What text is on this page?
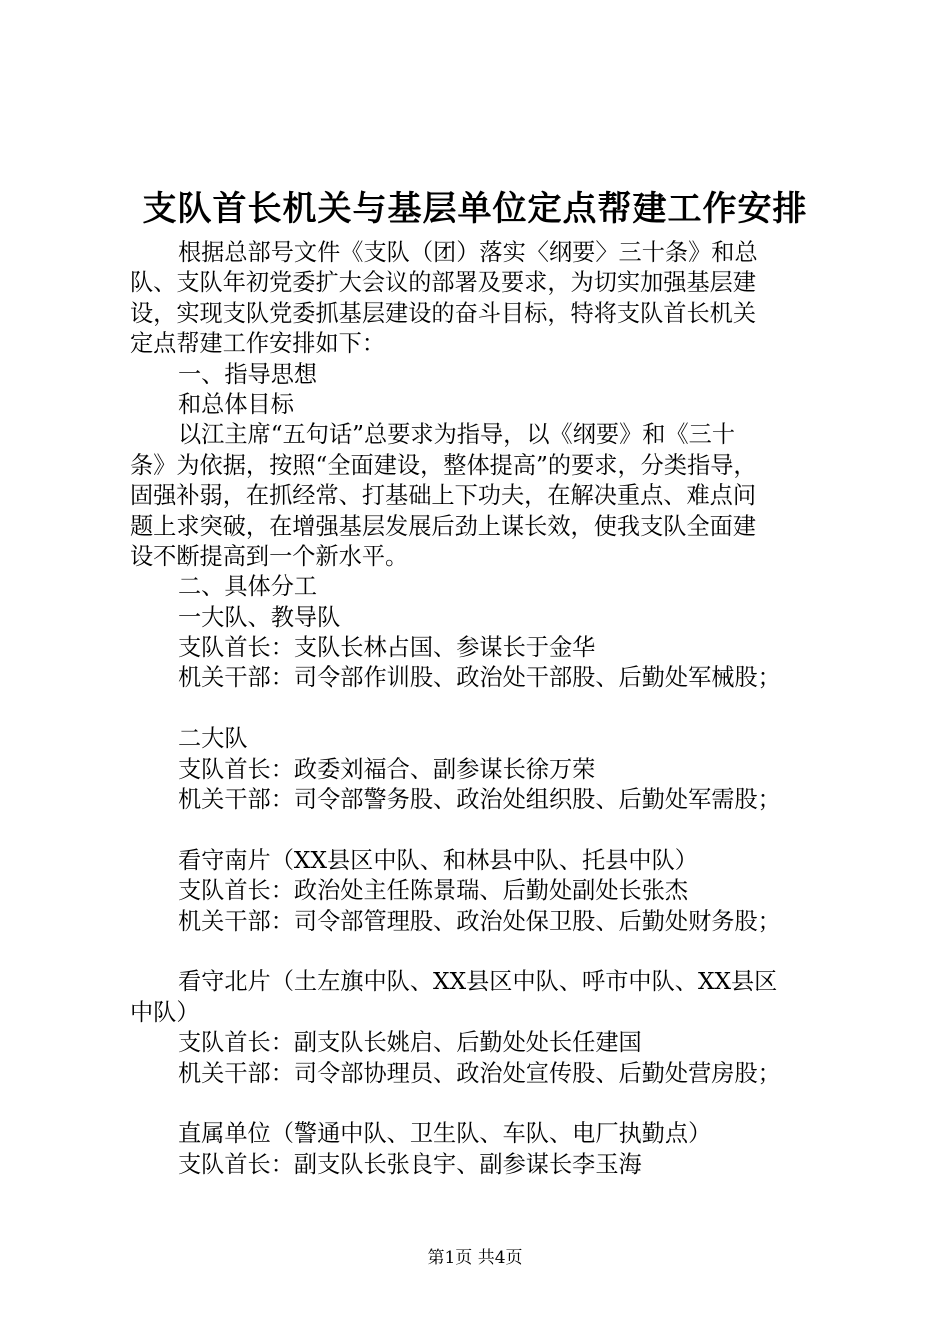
支队首长机关与基层单位定点帮建工作安排
根据总部号文件《支队（团）落实〈纲要〉三十条》和总
队、支队年初党委扩大会议的部署及要求，为切实加强基层建
设，实现支队党委抓基层建设的奋斗目标，特将支队首长机关
定点帮建工作安排如下：
一、指导思想
和总体目标
以江主席“五句话”总要求为指导，以《纲要》和《三十
条》为依据，按照“全面建设，整体提高”的要求，分类指导，
固强补弱，在抓经常、打基础上下功夫，在解决重点、难点问
题上求突破，在增强基层发展后劲上谋长效，使我支队全面建
设不断提高到一个新水平。
二、具体分工
一大队、教导队
支队首长：支队长林占国、参谋长于金华
机关干部：司令部作训股、政治处干部股、后勤处军械股；
二大队
支队首长：政委刘福合、副参谋长徐万荣
机关干部：司令部警务股、政治处组织股、后勤处军需股；
看守南片（XX县区中队、和林县中队、托县中队）
支队首长：政治处主任陈景瑞、后勤处副处长张杰
机关干部：司令部管理股、政治处保卫股、后勤处财务股；
看守北片（土左旗中队、XX县区中队、呼市中队、XX县区
中队）
支队首长：副支队长姚启、后勤处处长任建国
机关干部：司令部协理员、政治处宣传股、后勤处营房股；
直属单位（警通中队、卫生队、车队、电厂执勤点）
支队首长：副支队长张良宇、副参谋长李玉海
第1页 共4页
